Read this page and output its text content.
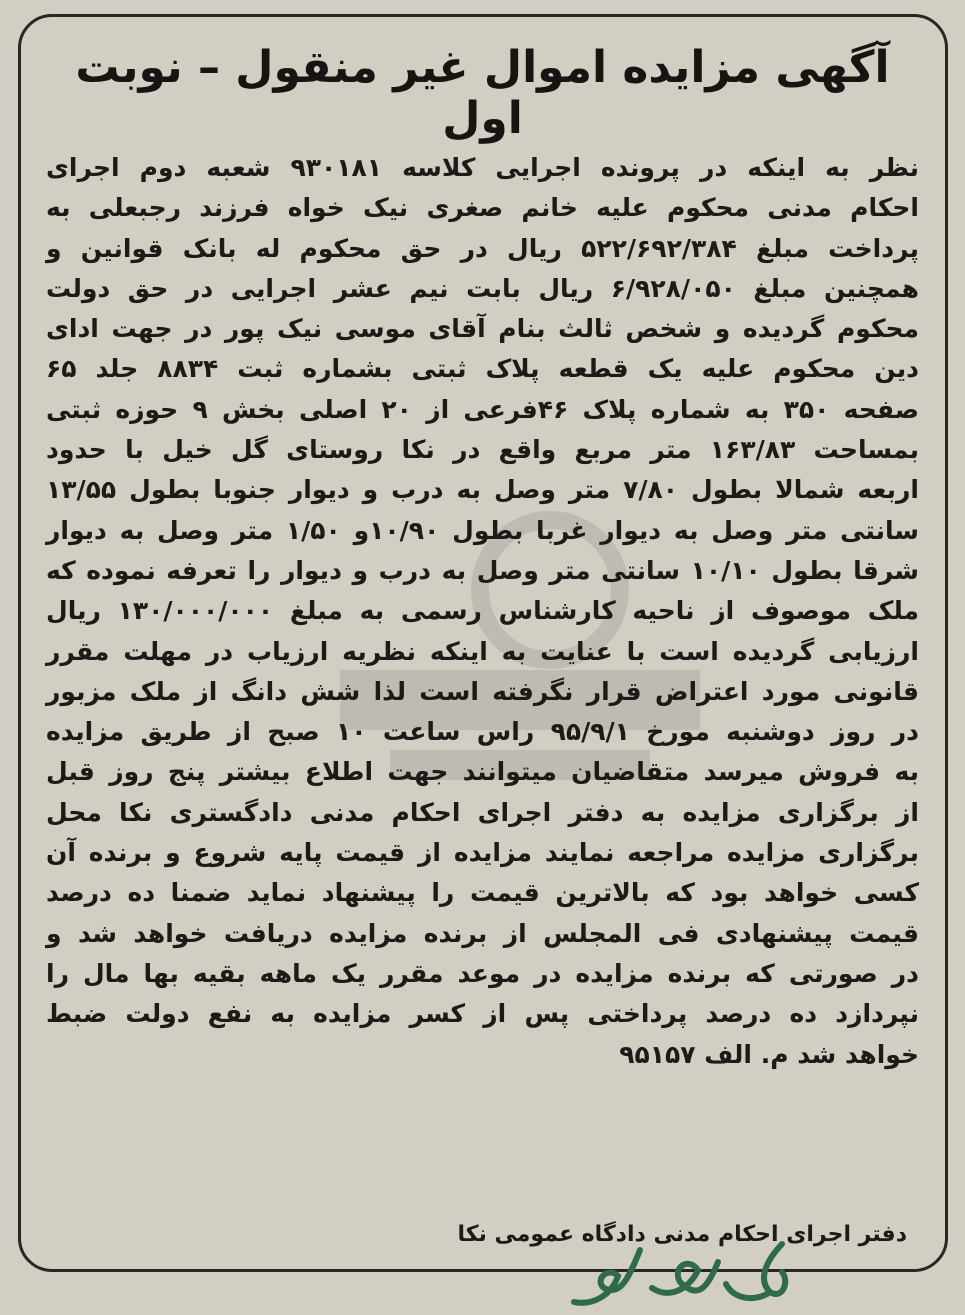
آگهی مزایده اموال غیر منقول – نوبت اول
نظر به اینکه در پرونده اجرایی کلاسه ۹۳۰۱۸۱ شعبه دوم اجرای
احکام مدنی محکوم علیه خانم صغری نیک خواه فرزند رجبعلی به
پرداخت مبلغ ۵۲۲/۶۹۲/۳۸۴ ریال در حق محکوم له بانک قوانین و
همچنین مبلغ ۶/۹۲۸/۰۵۰ ریال بابت نیم عشر اجرایی در حق دولت
محکوم گردیده و شخص ثالث بنام آقای موسی نیک پور در جهت ادای
دین محکوم علیه یک قطعه پلاک ثبتی بشماره ثبت ۸۸۳۴ جلد ۶۵
صفحه ۳۵۰ به شماره پلاک ۴۶فرعی از ۲۰ اصلی بخش ۹ حوزه ثبتی
بمساحت ۱۶۳/۸۳ متر مربع واقع در نکا روستای گل خیل با حدود
اربعه شمالا بطول ۷/۸۰ متر وصل به درب و دیوار جنوبا بطول ۱۳/۵۵
سانتی متر وصل به دیوار غربا بطول ۱۰/۹۰و ۱/۵۰ متر وصل به دیوار
شرقا بطول ۱۰/۱۰ سانتی متر وصل به درب و دیوار را تعرفه نموده که
ملک موصوف از ناحیه کارشناس رسمی به مبلغ ۱۳۰/۰۰۰/۰۰۰ ریال
ارزیابی گردیده است با عنایت به اینکه نظریه ارزیاب در مهلت مقرر
قانونی مورد اعتراض قرار نگرفته است لذا شش دانگ از ملک مزبور
در روز دوشنبه مورخ ۹۵/۹/۱ راس ساعت ۱۰ صبح از طریق مزایده
به فروش میرسد متقاضیان میتوانند جهت اطلاع بیشتر پنج روز قبل
از برگزاری مزایده به دفتر اجرای احکام مدنی دادگستری نکا محل
برگزاری مزایده مراجعه نمایند مزایده از قیمت پایه شروع و برنده آن
کسی خواهد بود که بالاترین قیمت را پیشنهاد نماید ضمنا ده درصد
قیمت پیشنهادی فی المجلس از برنده مزایده دریافت خواهد شد و
در صورتی که برنده مزایده در موعد مقرر یک ماهه بقیه بها مال را
نپردازد ده درصد پرداختی پس از کسر مزایده به نفع دولت ضبط
خواهد شد م. الف ۹۵۱۵۷
دفتر اجرای احکام مدنی دادگاه عمومی نکا
